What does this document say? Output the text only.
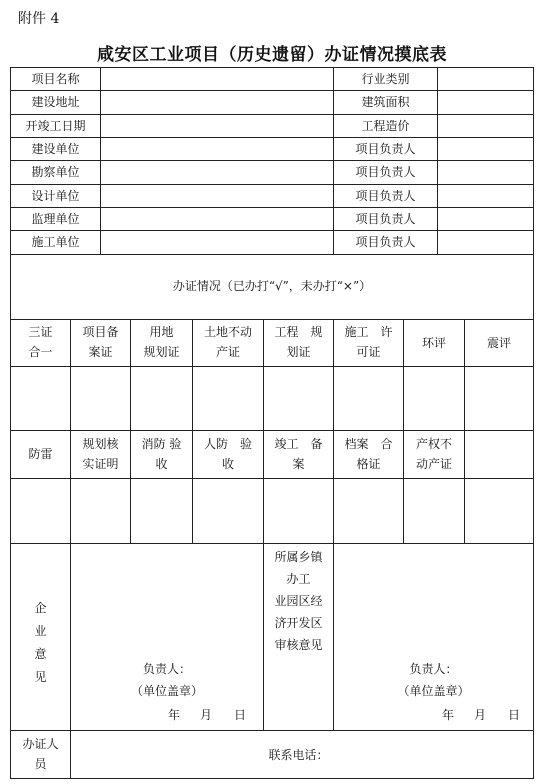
附件 4
咸安区工业项目（历史遗留）办证情况摸底表
项目名称
建设地址
开竣工日期
建设单位
勘察单位
设计单位
监理单位
施工单位
行业类别
建筑面积
工程造价
项目负责人
项目负责人
项目负责人
项目负责人
项目负责人
办证情况（已办打“√”，未办打“×”）
三证
合一
项目备
案证
用地
规划证
土地不动
产证
工程　规
划证
施工　许
可证
环评	震评
防雷
规划核
实证明
消防 验
收
人防　验
收
竣工　备
案
档案　合
格证
产权不
动产证
企
业
意
见
负责人：
（单位盖章）
年 月 日
所属乡镇
办工
业园区经
济开发区
审核意见
负责人：
（单位盖章）
年 月 日
办证人
员
联系电话：
